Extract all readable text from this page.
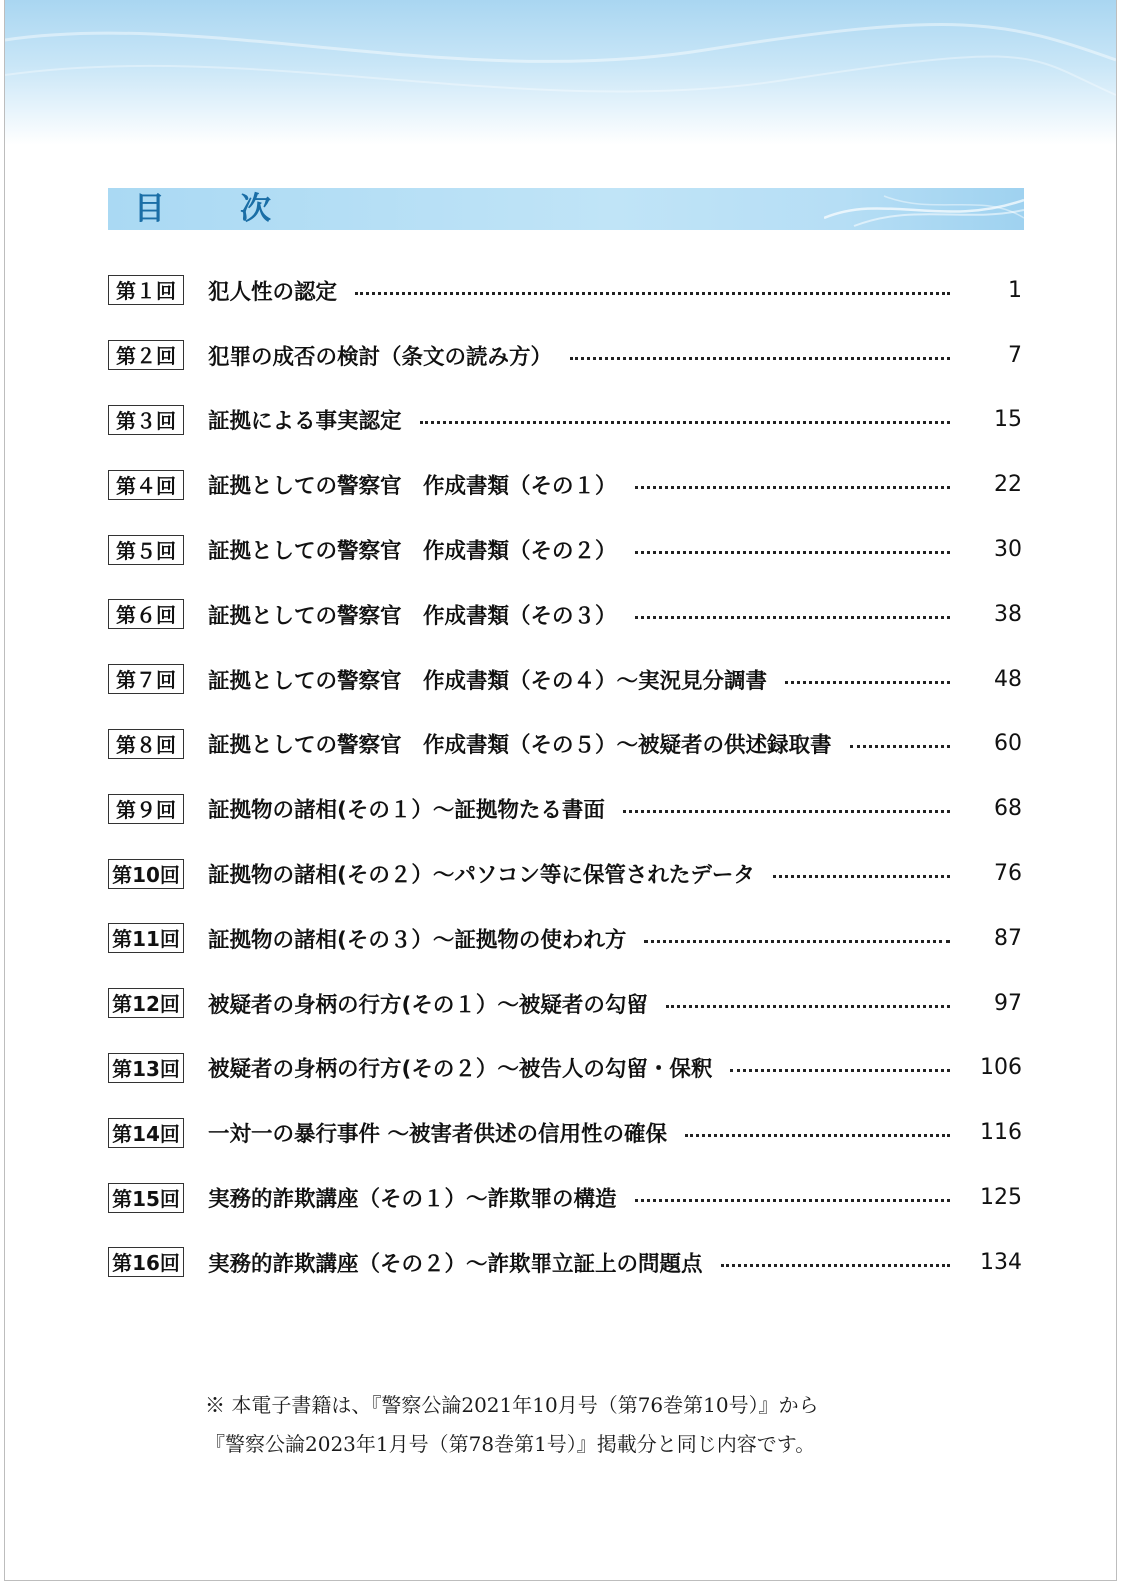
目　次
第１回	犯人性の認定	1
第２回	犯罪の成否の検討（条文の読み方）	7
第３回	証拠による事実認定	15
第４回	証拠としての警察官　作成書類（その１）	22
第５回	証拠としての警察官　作成書類（その２）	30
第６回	証拠としての警察官　作成書類（その３）	38
第７回	証拠としての警察官　作成書類（その４）～実況見分調書	48
第８回	証拠としての警察官　作成書類（その５）～被疑者の供述録取書	60
第９回	証拠物の諸相(その１）～証拠物たる書面	68
第10回 証拠物の諸相(その２）～パソコン等に保管されたデータ	76
第11回 証拠物の諸相(その３）～証拠物の使われ方	87
第12回 被疑者の身柄の行方(その１）～被疑者の勾留	97
第13回 被疑者の身柄の行方(その２）～被告人の勾留・保釈	106
第14回 一対一の暴行事件 ～被害者供述の信用性の確保	116
第15回 実務的詐欺講座（その１）～詐欺罪の構造	125
第16回 実務的詐欺講座（その２）～詐欺罪立証上の問題点	134

※ 本電子書籍は、『警察公論2021年10月号（第76巻第10号）』から

『警察公論2023年1月号（第78巻第1号）』掲載分と同じ内容です。
